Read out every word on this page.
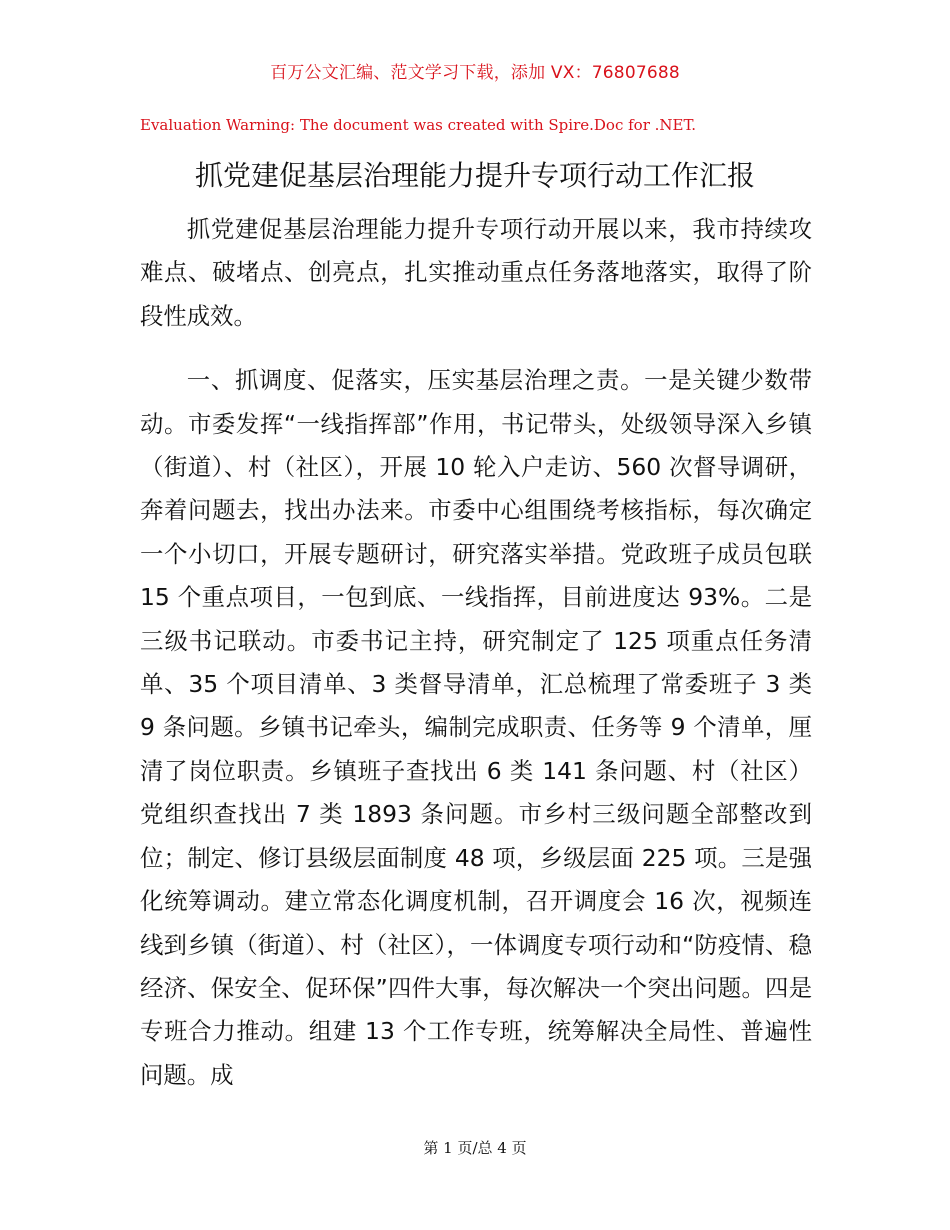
百万公文汇编、范文学习下载，添加 VX：76807688
Evaluation Warning: The document was created with Spire.Doc for .NET.
抓党建促基层治理能力提升专项行动工作汇报

抓党建促基层治理能力提升专项行动开展以来，我市持续攻难点、破堵点、创亮点，扎实推动重点任务落地落实，取得了阶段性成效。

一、抓调度、促落实，压实基层治理之责。一是关键少数带动。市委发挥“一线指挥部”作用，书记带头，处级领导深入乡镇（街道）、村（社区），开展 10 轮入户走访、560 次督导调研，奔着问题去，找出办法来。市委中心组围绕考核指标，每次确定一个小切口，开展专题研讨，研究落实举措。党政班子成员包联 15 个重点项目，一包到底、一线指挥，目前进度达 93%。二是三级书记联动。市委书记主持，研究制定了 125 项重点任务清单、35 个项目清单、3 类督导清单，汇总梳理了常委班子 3 类 9 条问题。乡镇书记牵头，编制完成职责、任务等 9 个清单，厘清了岗位职责。乡镇班子查找出 6 类 141 条问题、村（社区）党组织查找出 7 类 1893 条问题。市乡村三级问题全部整改到位；制定、修订县级层面制度 48 项，乡级层面 225 项。三是强化统筹调动。建立常态化调度机制，召开调度会 16 次，视频连线到乡镇（街道）、村（社区），一体调度专项行动和“防疫情、稳经济、保安全、促环保”四件大事，每次解决一个突出问题。四是专班合力推动。组建 13 个工作专班，统筹解决全局性、普遍性问题。成

第 1 页/总 4 页
